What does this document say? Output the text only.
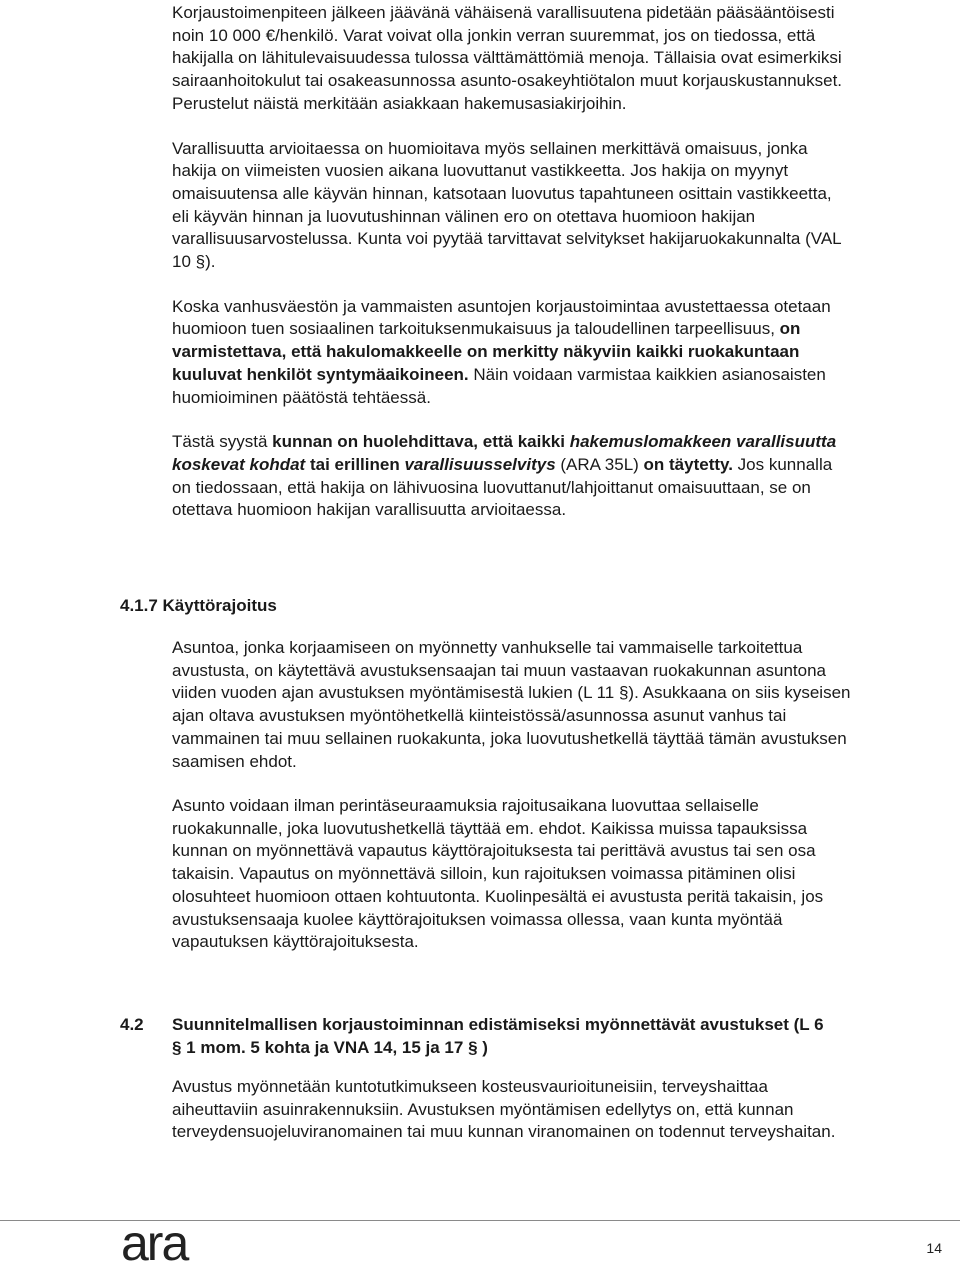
Korjaustoimenpiteen jälkeen jäävänä vähäisenä varallisuutena pidetään pääsääntöisesti noin 10 000 €/henkilö. Varat voivat olla jonkin verran suuremmat, jos on tiedossa, että hakijalla on lähitulevaisuudessa tulossa välttämättömiä menoja. Tällaisia ovat esimerkiksi sairaanhoitokulut tai osakeasunnossa asunto-osakeyhtiötalon muut korjauskustannukset. Perustelut näistä merkitään asiakkaan hakemusasiakirjoihin.

Varallisuutta arvioitaessa on huomioitava myös sellainen merkittävä omaisuus, jonka hakija on viimeisten vuosien aikana luovuttanut vastikkeetta. Jos hakija on myynyt omaisuutensa alle käyvän hinnan, katsotaan luovutus tapahtuneen osittain vastikkeetta, eli käyvän hinnan ja luovutushinnan välinen ero on otettava huomioon hakijan varallisuusarvostelussa. Kunta voi pyytää tarvittavat selvitykset hakijaruokakunnalta (VAL 10 §).

Koska vanhusväestön ja vammaisten asuntojen korjaustoimintaa avustettaessa otetaan huomioon tuen sosiaalinen tarkoituksenmukaisuus ja taloudellinen tarpeellisuus, on varmistettava, että hakulomakkeelle on merkitty näkyviin kaikki ruokakuntaan kuuluvat henkilöt syntymäaikoineen. Näin voidaan varmistaa kaikkien asianosaisten huomioiminen päätöstä tehtäessä.

Tästä syystä kunnan on huolehdittava, että kaikki hakemuslomakkeen varallisuutta koskevat kohdat tai erillinen varallisuusselvitys (ARA 35L) on täytetty. Jos kunnalla on tiedossaan, että hakija on lähivuosina luovuttanut/lahjoittanut omaisuuttaan, se on otettava huomioon hakijan varallisuutta arvioitaessa.

4.1.7 Käyttörajoitus

Asuntoa, jonka korjaamiseen on myönnetty vanhukselle tai vammaiselle tarkoitettua avustusta, on käytettävä avustuksensaajan tai muun vastaavan ruokakunnan asuntona viiden vuoden ajan avustuksen myöntämisestä lukien (L 11 §). Asukkaana on siis kyseisen ajan oltava avustuksen myöntöhetkellä kiinteistössä/asunnossa asunut vanhus tai vammainen tai muu sellainen ruokakunta, joka luovutushetkellä täyttää tämän avustuksen saamisen ehdot.

Asunto voidaan ilman perintäseuraamuksia rajoitusaikana luovuttaa sellaiselle ruokakunnalle, joka luovutushetkellä täyttää em. ehdot. Kaikissa muissa tapauksissa kunnan on myönnettävä vapautus käyttörajoituksesta tai perittävä avustus tai sen osa takaisin. Vapautus on myönnettävä silloin, kun rajoituksen voimassa pitäminen olisi olosuhteet huomioon ottaen kohtuutonta. Kuolinpesältä ei avustusta peritä takaisin, jos avustuksensaaja kuolee käyttörajoituksen voimassa ollessa, vaan kunta myöntää vapautuksen käyttörajoituksesta.

4.2 Suunnitelmallisen korjaustoiminnan edistämiseksi myönnettävät avustukset (L 6 § 1 mom. 5 kohta ja VNA 14, 15 ja 17 § )

Avustus myönnetään kuntotutkimukseen kosteusvaurioituneisiin, terveyshaittaa aiheuttaviin asuinrakennuksiin. Avustuksen myöntämisen edellytys on, että kunnan terveydensuojeluviranomainen tai muu kunnan viranomainen on todennut terveyshaitan.

ara	14
